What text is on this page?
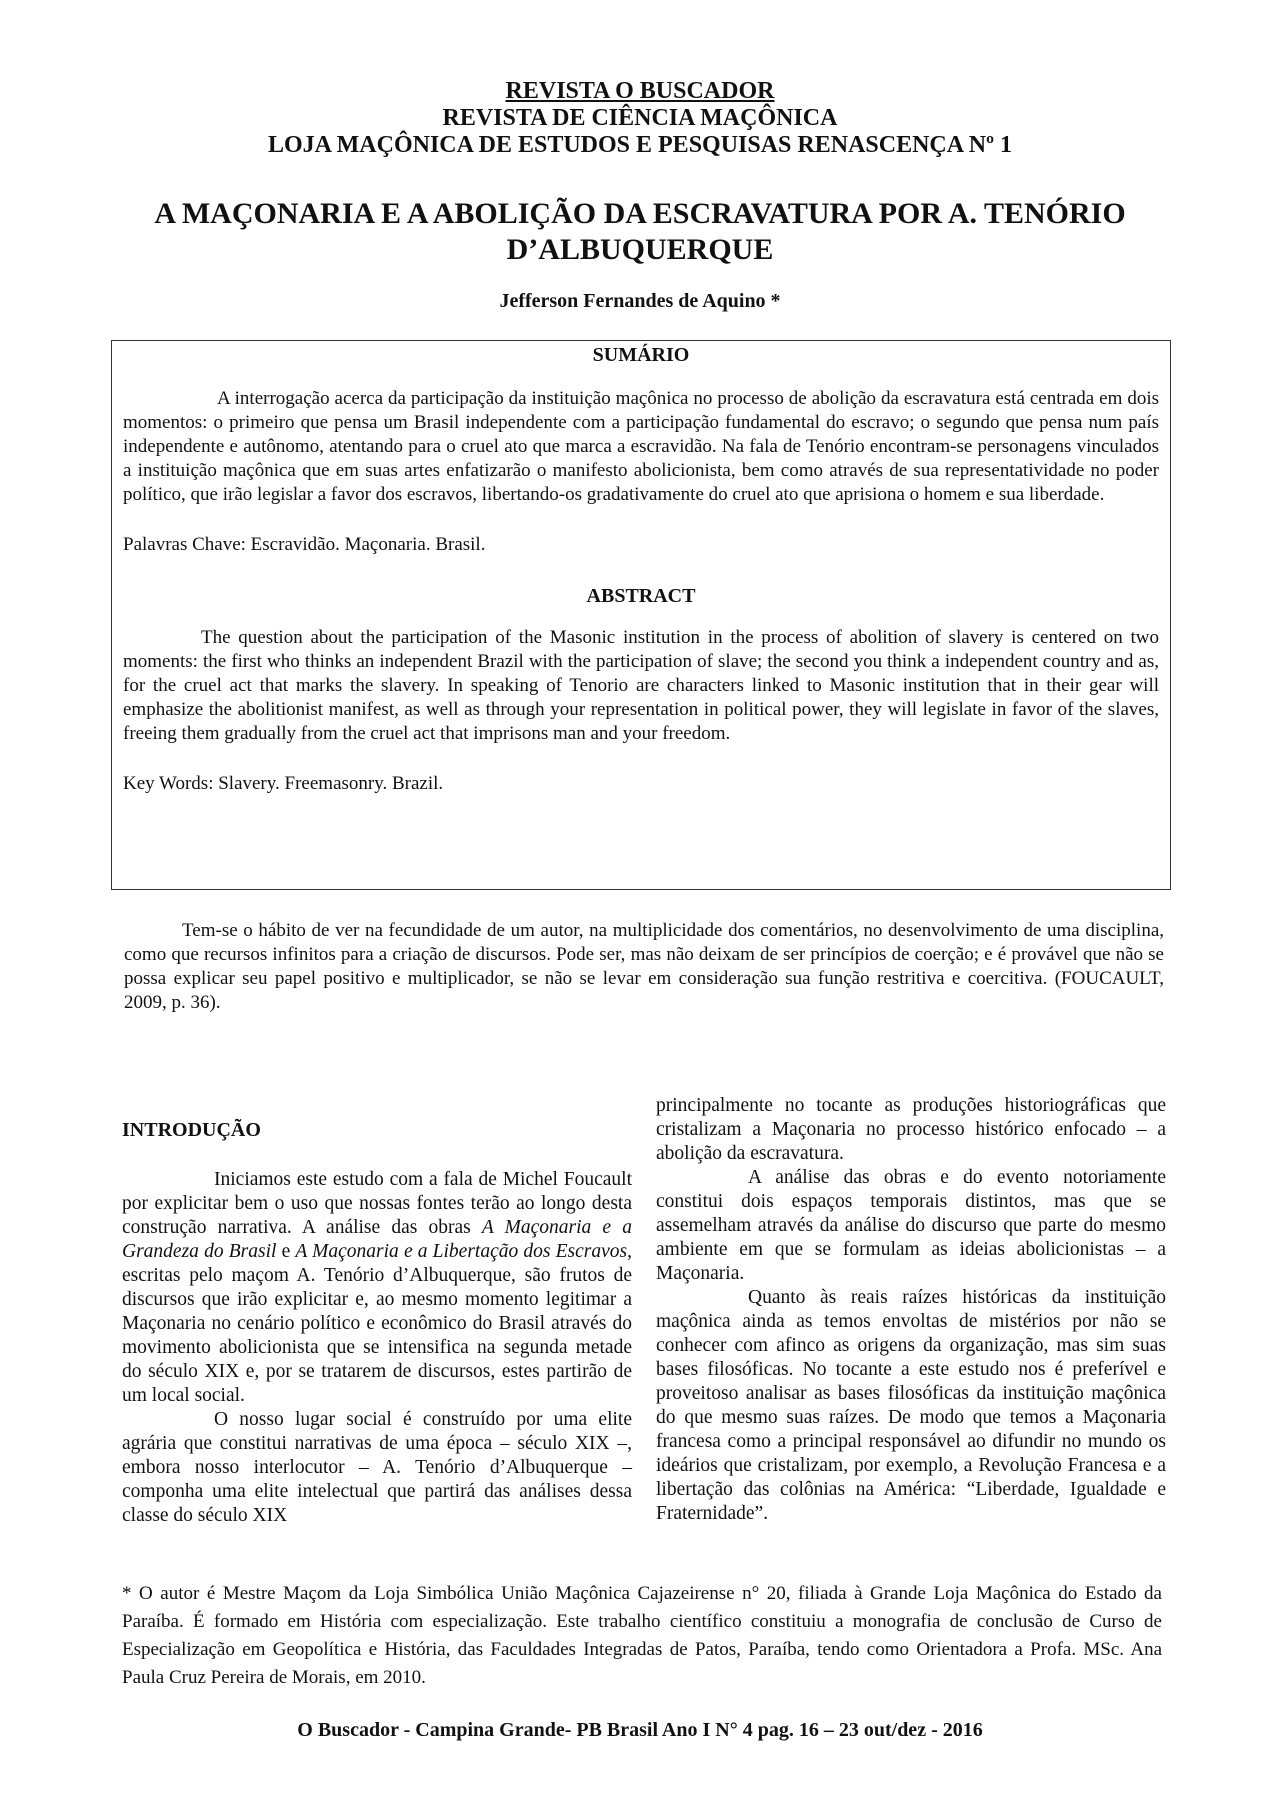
REVISTA O BUSCADOR
REVISTA DE CIÊNCIA MAÇÔNICA
LOJA MAÇÔNICA DE ESTUDOS E PESQUISAS RENASCENÇA Nº 1
A MAÇONARIA E A ABOLIÇÃO DA ESCRAVATURA POR A. TENÓRIO D’ALBUQUERQUE
Jefferson Fernandes de Aquino *
SUMÁRIO

A interrogação acerca da participação da instituição maçônica no processo de abolição da escravatura está centrada em dois momentos: o primeiro que pensa um Brasil independente com a participação fundamental do escravo; o segundo que pensa num país independente e autônomo, atentando para o cruel ato que marca a escravidão. Na fala de Tenório encontram-se personagens vinculados a instituição maçônica que em suas artes enfatizarão o manifesto abolicionista, bem como através de sua representatividade no poder político, que irão legislar a favor dos escravos, libertando-os gradativamente do cruel ato que aprisiona o homem e sua liberdade.

Palavras Chave: Escravidão. Maçonaria. Brasil.

ABSTRACT

The question about the participation of the Masonic institution in the process of abolition of slavery is centered on two moments: the first who thinks an independent Brazil with the participation of slave; the second you think a independent country and as, for the cruel act that marks the slavery. In speaking of Tenorio are characters linked to Masonic institution that in their gear will emphasize the abolitionist manifest, as well as through your representation in political power, they will legislate in favor of the slaves, freeing them gradually from the cruel act that imprisons man and your freedom.

Key Words: Slavery. Freemasonry. Brazil.

Tem-se o hábito de ver na fecundidade de um autor, na multiplicidade dos comentários, no desenvolvimento de uma disciplina, como que recursos infinitos para a criação de discursos. Pode ser, mas não deixam de ser princípios de coerção; e é provável que não se possa explicar seu papel positivo e multiplicador, se não se levar em consideração sua função restritiva e coercitiva. (FOUCAULT, 2009, p. 36).

INTRODUÇÃO

Iniciamos este estudo com a fala de Michel Foucault por explicitar bem o uso que nossas fontes terão ao longo desta construção narrativa. A análise das obras A Maçonaria e a Grandeza do Brasil e A Maçonaria e a Libertação dos Escravos, escritas pelo maçom A. Tenório d’Albuquerque, são frutos de discursos que irão explicitar e, ao mesmo momento legitimar a Maçonaria no cenário político e econômico do Brasil através do movimento abolicionista que se intensifica na segunda metade do século XIX e, por se tratarem de discursos, estes partirão de um local social.

O nosso lugar social é construído por uma elite agrária que constitui narrativas de uma época – século XIX –, embora nosso interlocutor – A. Tenório d’Albuquerque – componha uma elite intelectual que partirá das análises dessa classe do século XIX

principalmente no tocante as produções historiográficas que cristalizam a Maçonaria no processo histórico enfocado – a abolição da escravatura.

A análise das obras e do evento notoriamente constitui dois espaços temporais distintos, mas que se assemelham através da análise do discurso que parte do mesmo ambiente em que se formulam as ideias abolicionistas – a Maçonaria.

Quanto às reais raízes históricas da instituição maçônica ainda as temos envoltas de mistérios por não se conhecer com afinco as origens da organização, mas sim suas bases filosóficas. No tocante a este estudo nos é preferível e proveitoso analisar as bases filosóficas da instituição maçônica do que mesmo suas raízes. De modo que temos a Maçonaria francesa como a principal responsável ao difundir no mundo os ideários que cristalizam, por exemplo, a Revolução Francesa e a libertação das colônias na América: “Liberdade, Igualdade e Fraternidade”.

* O autor é Mestre Maçom da Loja Simbólica União Maçônica Cajazeirense n° 20, filiada à Grande Loja Maçônica do Estado da Paraíba. É formado em História com especialização. Este trabalho científico constituiu a monografia de conclusão de Curso de Especialização em Geopolítica e História, das Faculdades Integradas de Patos, Paraíba, tendo como Orientadora a Profa. MSc. Ana Paula Cruz Pereira de Morais, em 2010.

O Buscador - Campina Grande- PB Brasil Ano I N° 4 pag. 16 – 23 out/dez - 2016
